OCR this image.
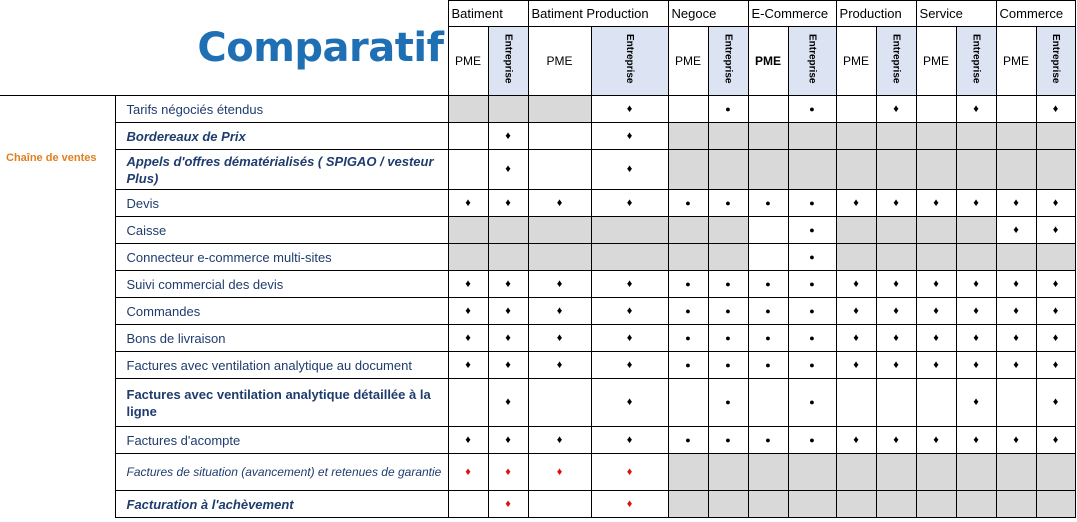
Comparatif		Batiment		Batiment Production		Negoce		E-Commerce		Production		Service		Commerce	
		PME	Entreprise	PME	Entreprise	PME	Entreprise	PME	Entreprise	PME	Entreprise	PME	Entreprise	PME	Entreprise
Chaîne de ventes	Tarifs négociés étendus				♦		●		●		♦		♦		♦
	Bordereaux de Prix		♦		♦										
	Appels d'offres dématérialisés ( SPIGAO / vesteur Plus)		♦		♦										
	Devis	♦	♦	♦	♦	●	●	●	●	♦	♦	♦	♦	♦	♦
	Caisse								●					♦	♦
	Connecteur e-commerce multi-sites								●						
	Suivi commercial des devis	♦	♦	♦	♦	●	●	●	●	♦	♦	♦	♦	♦	♦
	Commandes	♦	♦	♦	♦	●	●	●	●	♦	♦	♦	♦	♦	♦
	Bons de livraison	♦	♦	♦	♦	●	●	●	●	♦	♦	♦	♦	♦	♦
	Factures avec ventilation analytique au document	♦	♦	♦	♦	●	●	●	●	♦	♦	♦	♦	♦	♦
	Factures avec ventilation analytique détaillée à la ligne		♦		♦		●		●				♦		♦
	Factures d'acompte	♦	♦	♦	♦	●	●	●	●	♦	♦	♦	♦	♦	♦
	Factures de situation (avancement) et retenues de garantie	♦	♦	♦	♦										
	Facturation à l'achèvement		♦		♦										
